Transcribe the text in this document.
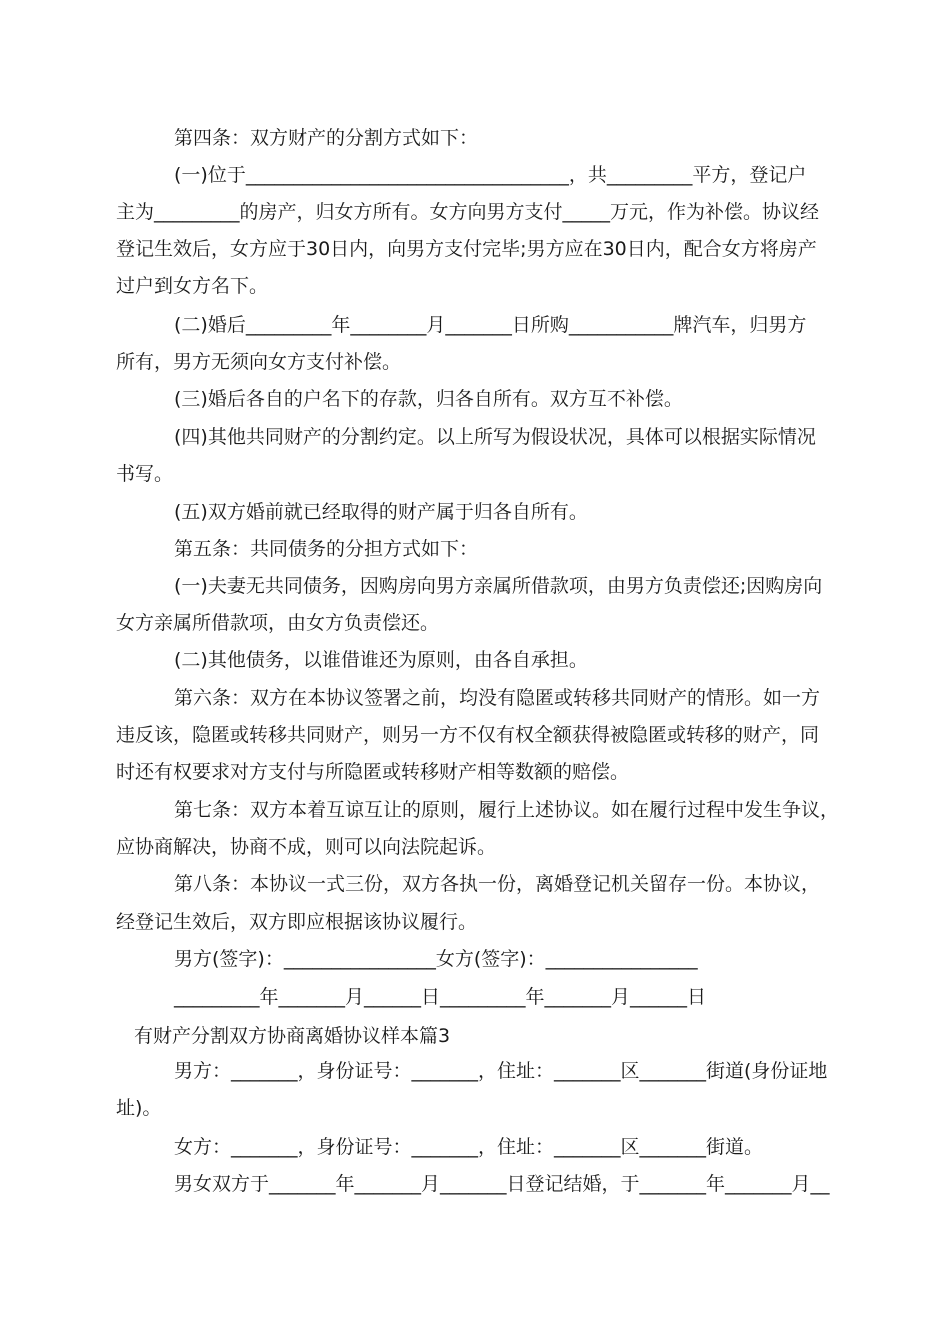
第四条：双方财产的分割方式如下：
(一)位于__________________________________，共_________平方，登记户
主为_________的房产，归女方所有。女方向男方支付_____万元，作为补偿。协议经
登记生效后，女方应于30日内，向男方支付完毕;男方应在30日内，配合女方将房产
过户到女方名下。
(二)婚后_________年________月_______日所购___________牌汽车，归男方
所有，男方无须向女方支付补偿。
(三)婚后各自的户名下的存款，归各自所有。双方互不补偿。
(四)其他共同财产的分割约定。以上所写为假设状况，具体可以根据实际情况
书写。
(五)双方婚前就已经取得的财产属于归各自所有。
第五条：共同债务的分担方式如下：
(一)夫妻无共同债务，因购房向男方亲属所借款项，由男方负责偿还;因购房向
女方亲属所借款项，由女方负责偿还。
(二)其他债务，以谁借谁还为原则，由各自承担。
第六条：双方在本协议签署之前，均没有隐匿或转移共同财产的情形。如一方
违反该，隐匿或转移共同财产，则另一方不仅有权全额获得被隐匿或转移的财产，同
时还有权要求对方支付与所隐匿或转移财产相等数额的赔偿。
第七条：双方本着互谅互让的原则，履行上述协议。如在履行过程中发生争议，
应协商解决，协商不成，则可以向法院起诉。
第八条：本协议一式三份，双方各执一份，离婚登记机关留存一份。本协议，
经登记生效后，双方即应根据该协议履行。
男方(签字)：________________女方(签字)：________________
_________年_______月______日_________年_______月______日
有财产分割双方协商离婚协议样本篇3
男方：_______，身份证号：_______，住址：_______区_______街道(身份证地
址)。
女方：_______，身份证号：_______，住址：_______区_______街道。
男女双方于_______年_______月_______日登记结婚，于_______年_______月__
